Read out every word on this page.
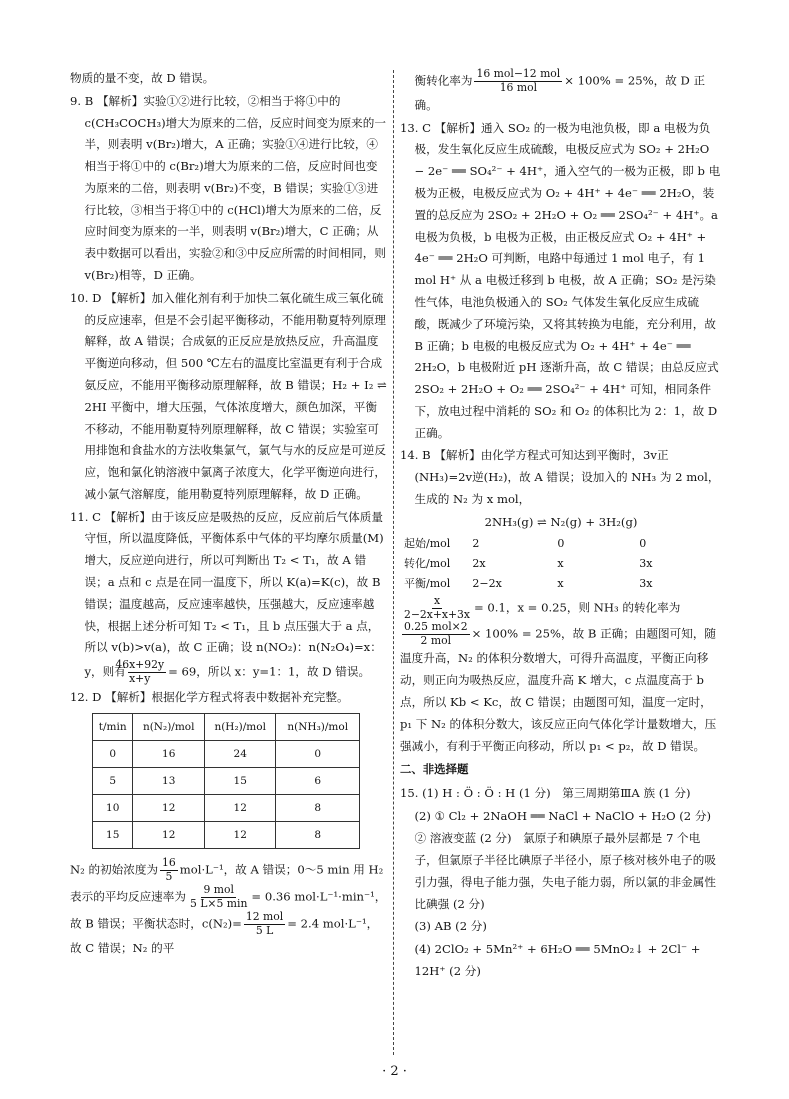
物质的量不变，故 D 错误。

9. B 【解析】实验①②进行比较，②相当于将①中的 c(CH₃COCH₃)增大为原来的二倍，反应时间变为原来的一半，则表明 v(Br₂)增大，A 正确；实验①④进行比较，④相当于将①中的 c(Br₂)增大为原来的二倍，反应时间也变为原来的二倍，则表明 v(Br₂)不变，B 错误；实验①③进行比较，③相当于将①中的 c(HCl)增大为原来的二倍，反应时间变为原来的一半，则表明 v(Br₂)增大，C 正确；从表中数据可以看出，实验②和③中反应所需的时间相同，则 v(Br₂)相等，D 正确。

10. D 【解析】加入催化剂有利于加快二氧化硫生成三氧化硫的反应速率，但是不会引起平衡移动，不能用勒夏特列原理解释，故 A 错误；合成氨的正反应是放热反应，升高温度平衡逆向移动，但 500 ℃左右的温度比室温更有利于合成氨反应，不能用平衡移动原理解释，故 B 错误；H₂ + I₂ ⇌ 2HI 平衡中，增大压强，气体浓度增大，颜色加深，平衡不移动，不能用勒夏特列原理解释，故 C 错误；实验室可用排饱和食盐水的方法收集氯气，氯气与水的反应是可逆反应，饱和氯化钠溶液中氯离子浓度大，化学平衡逆向进行，减小氯气溶解度，能用勒夏特列原理解释，故 D 正确。

11. C 【解析】由于该反应是吸热的反应，反应前后气体质量守恒，所以温度降低，平衡体系中气体的平均摩尔质量(M)增大，反应逆向进行，所以可判断出 T₂ < T₁，故 A 错误；a 点和 c 点是在同一温度下，所以 K(a)=K(c)，故 B 错误；温度越高，反应速率越快，压强越大，反应速率越快，根据上述分析可知 T₂ < T₁，且 b 点压强大于 a 点，所以 v(b)>v(a)，故 C 正确；设 n(NO₂)：n(N₂O₄)=x：y，则有 $\frac{46x+92y}{x+y} = 69$，所以 x：y=1：1，故 D 错误。

12. D 【解析】根据化学方程式将表中数据补充完整。

t/min	n(N₂)/mol	n(H₂)/mol	n(NH₃)/mol
0	16	24	0
5	13	15	6
10	12	12	8
15	12	12	8

N₂ 的初始浓度为 $\frac{16}{5} mol\cdot L^{-1}$，故 A 错误；0～5 min 用 H₂ 表示的平均反应速率为 $\frac{\text{9 mol}}{5 L\times 5 \min} = 0.36$ mol·L⁻¹·min⁻¹，故 B 错误；平衡状态时，$c(N_2)= \frac{\text{12 mol}}{5 L} = 2.4$ mol·L⁻¹，故 C 错误；N₂ 的平

衡转化率为 $\frac{\text{16 mol−12 mol}}{\text{16 mol}} \times 100\% = 25\%$，故 D 正确。

13. C 【解析】通入 SO₂ 的一极为电池负极，即 a 电极为负极，发生氧化反应生成硫酸，电极反应式为 SO₂ + 2H₂O − 2e⁻ ══ SO₄²⁻ + 4H⁺，通入空气的一极为正极，即 b 电极为正极，电极反应式为 O₂ + 4H⁺ + 4e⁻ ══ 2H₂O，装置的总反应为 2SO₂ + 2H₂O + O₂ ══ 2SO₄²⁻ + 4H⁺。a 电极为负极，b 电极为正极，由正极反应式 O₂ + 4H⁺ + 4e⁻ ══ 2H₂O 可判断，电路中每通过 1 mol 电子，有 1 mol H⁺ 从 a 电极迁移到 b 电极，故 A 正确；SO₂ 是污染性气体，电池负极通入的 SO₂ 气体发生氧化反应生成硫酸，既减少了环境污染，又将其转换为电能，充分利用，故 B 正确；b 电极的电极反应式为 O₂ + 4H⁺ + 4e⁻ ══ 2H₂O，b 电极附近 pH 逐渐升高，故 C 错误；由总反应式 2SO₂ + 2H₂O + O₂ ══ 2SO₄²⁻ + 4H⁺ 可知，相同条件下，放电过程中消耗的 SO₂ 和 O₂ 的体积比为 2：1，故 D 正确。

14. B 【解析】由化学方程式可知达到平衡时，3v正(NH₃)=2v逆(H₂)，故 A 错误；设加入的 NH₃ 为 2 mol，生成的 N₂ 为 x mol，

2NH₃(g) ⇌ N₂(g) + 3H₂(g)

起始/mol	2	0	0
转化/mol	2x	x	3x
平衡/mol	2−2x	x	3x

$\frac{x}{2-2x+x+3x} = 0.1$，x = 0.25，则 NH₃ 的转化率为
$\frac{\text{0.25 mol×2}}{\text{2 mol}} \times 100\% = 25\%$，故 B 正确；由题图可知，随温度升高，N₂ 的体积分数增大，可得升高温度，平衡正向移动，则正向为吸热反应，温度升高 K 增大，c 点温度高于 b 点，所以 Kb < Kc，故 C 错误；由题图可知，温度一定时，p₁ 下 N₂ 的体积分数大，该反应正向气体化学计量数增大，压强减小，有利于平衡正向移动，所以 p₁ < p₂，故 D 错误。

二、非选择题

15. (1) H : Ö : Ö : H (1 分)　第三周期第ⅢA 族 (1 分)

(2) ① Cl₂ + 2NaOH ══ NaCl + NaClO + H₂O (2 分)

② 溶液变蓝 (2 分)　氯原子和碘原子最外层都是 7 个电子，但氯原子半径比碘原子半径小，原子核对核外电子的吸引力强，得电子能力强，失电子能力弱，所以氯的非金属性比碘强 (2 分)

(3) AB (2 分)

(4) 2ClO₂ + 5Mn²⁺ + 6H₂O ══ 5MnO₂↓ + 2Cl⁻ + 12H⁺ (2 分)

· 2 ·
